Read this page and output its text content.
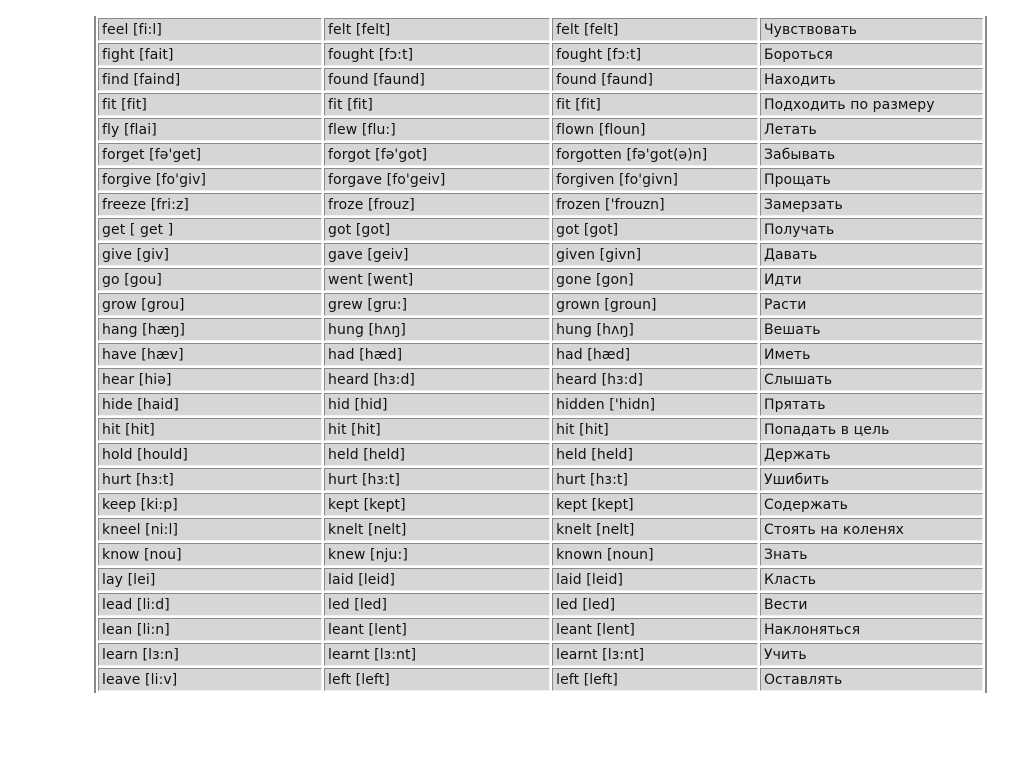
feel [fi:l]	felt [felt]	felt [felt]	Чувствовать
fight [fait]	fought [fɔ:t]	fought [fɔ:t]	Бороться
find [faind]	found [faund]	found [faund]	Находить
fit [fit]	fit [fit]	fit [fit]	Подходить по размеру
fly [flai]	flew [flu:]	flown [floun]	Летать
forget [fə'get]	forgot [fə'got]	forgotten [fə'got(ə)n]	Забывать
forgive [fo'giv]	forgave [fo'geiv]	forgiven [fo'givn]	Прощать
freeze [fri:z]	froze [frouz]	frozen ['frouzn]	Замерзать
get [ get ]	got [got]	got [got]	Получать
give [giv]	gave [geiv]	given [givn]	Давать
go [gou]	went [went]	gone [gon]	Идти
grow [grou]	grew [gru:]	grown [groun]	Расти
hang [hæŋ]	hung [hʌŋ]	hung [hʌŋ]	Вешать
have [hæv]	had [hæd]	had [hæd]	Иметь
hear [hiə]	heard [hɜ:d]	heard [hɜ:d]	Слышать
hide [haid]	hid [hid]	hidden ['hidn]	Прятать
hit [hit]	hit [hit]	hit [hit]	Попадать в цель
hold [hould]	held [held]	held [held]	Держать
hurt [hɜ:t]	hurt [hɜ:t]	hurt [hɜ:t]	Ушибить
keep [ki:p]	kept [kept]	kept [kept]	Содержать
kneel [ni:l]	knelt [nelt]	knelt [nelt]	Стоять на коленях
know [nou]	knew [nju:]	known [noun]	Знать
lay [lei]	laid [leid]	laid [leid]	Класть
lead [li:d]	led [led]	led [led]	Вести
lean [li:n]	leant [lent]	leant [lent]	Наклоняться
learn [lɜ:n]	learnt [lɜ:nt]	learnt [lɜ:nt]	Учить
leave [li:v]	left [left]	left [left]	Оставлять
